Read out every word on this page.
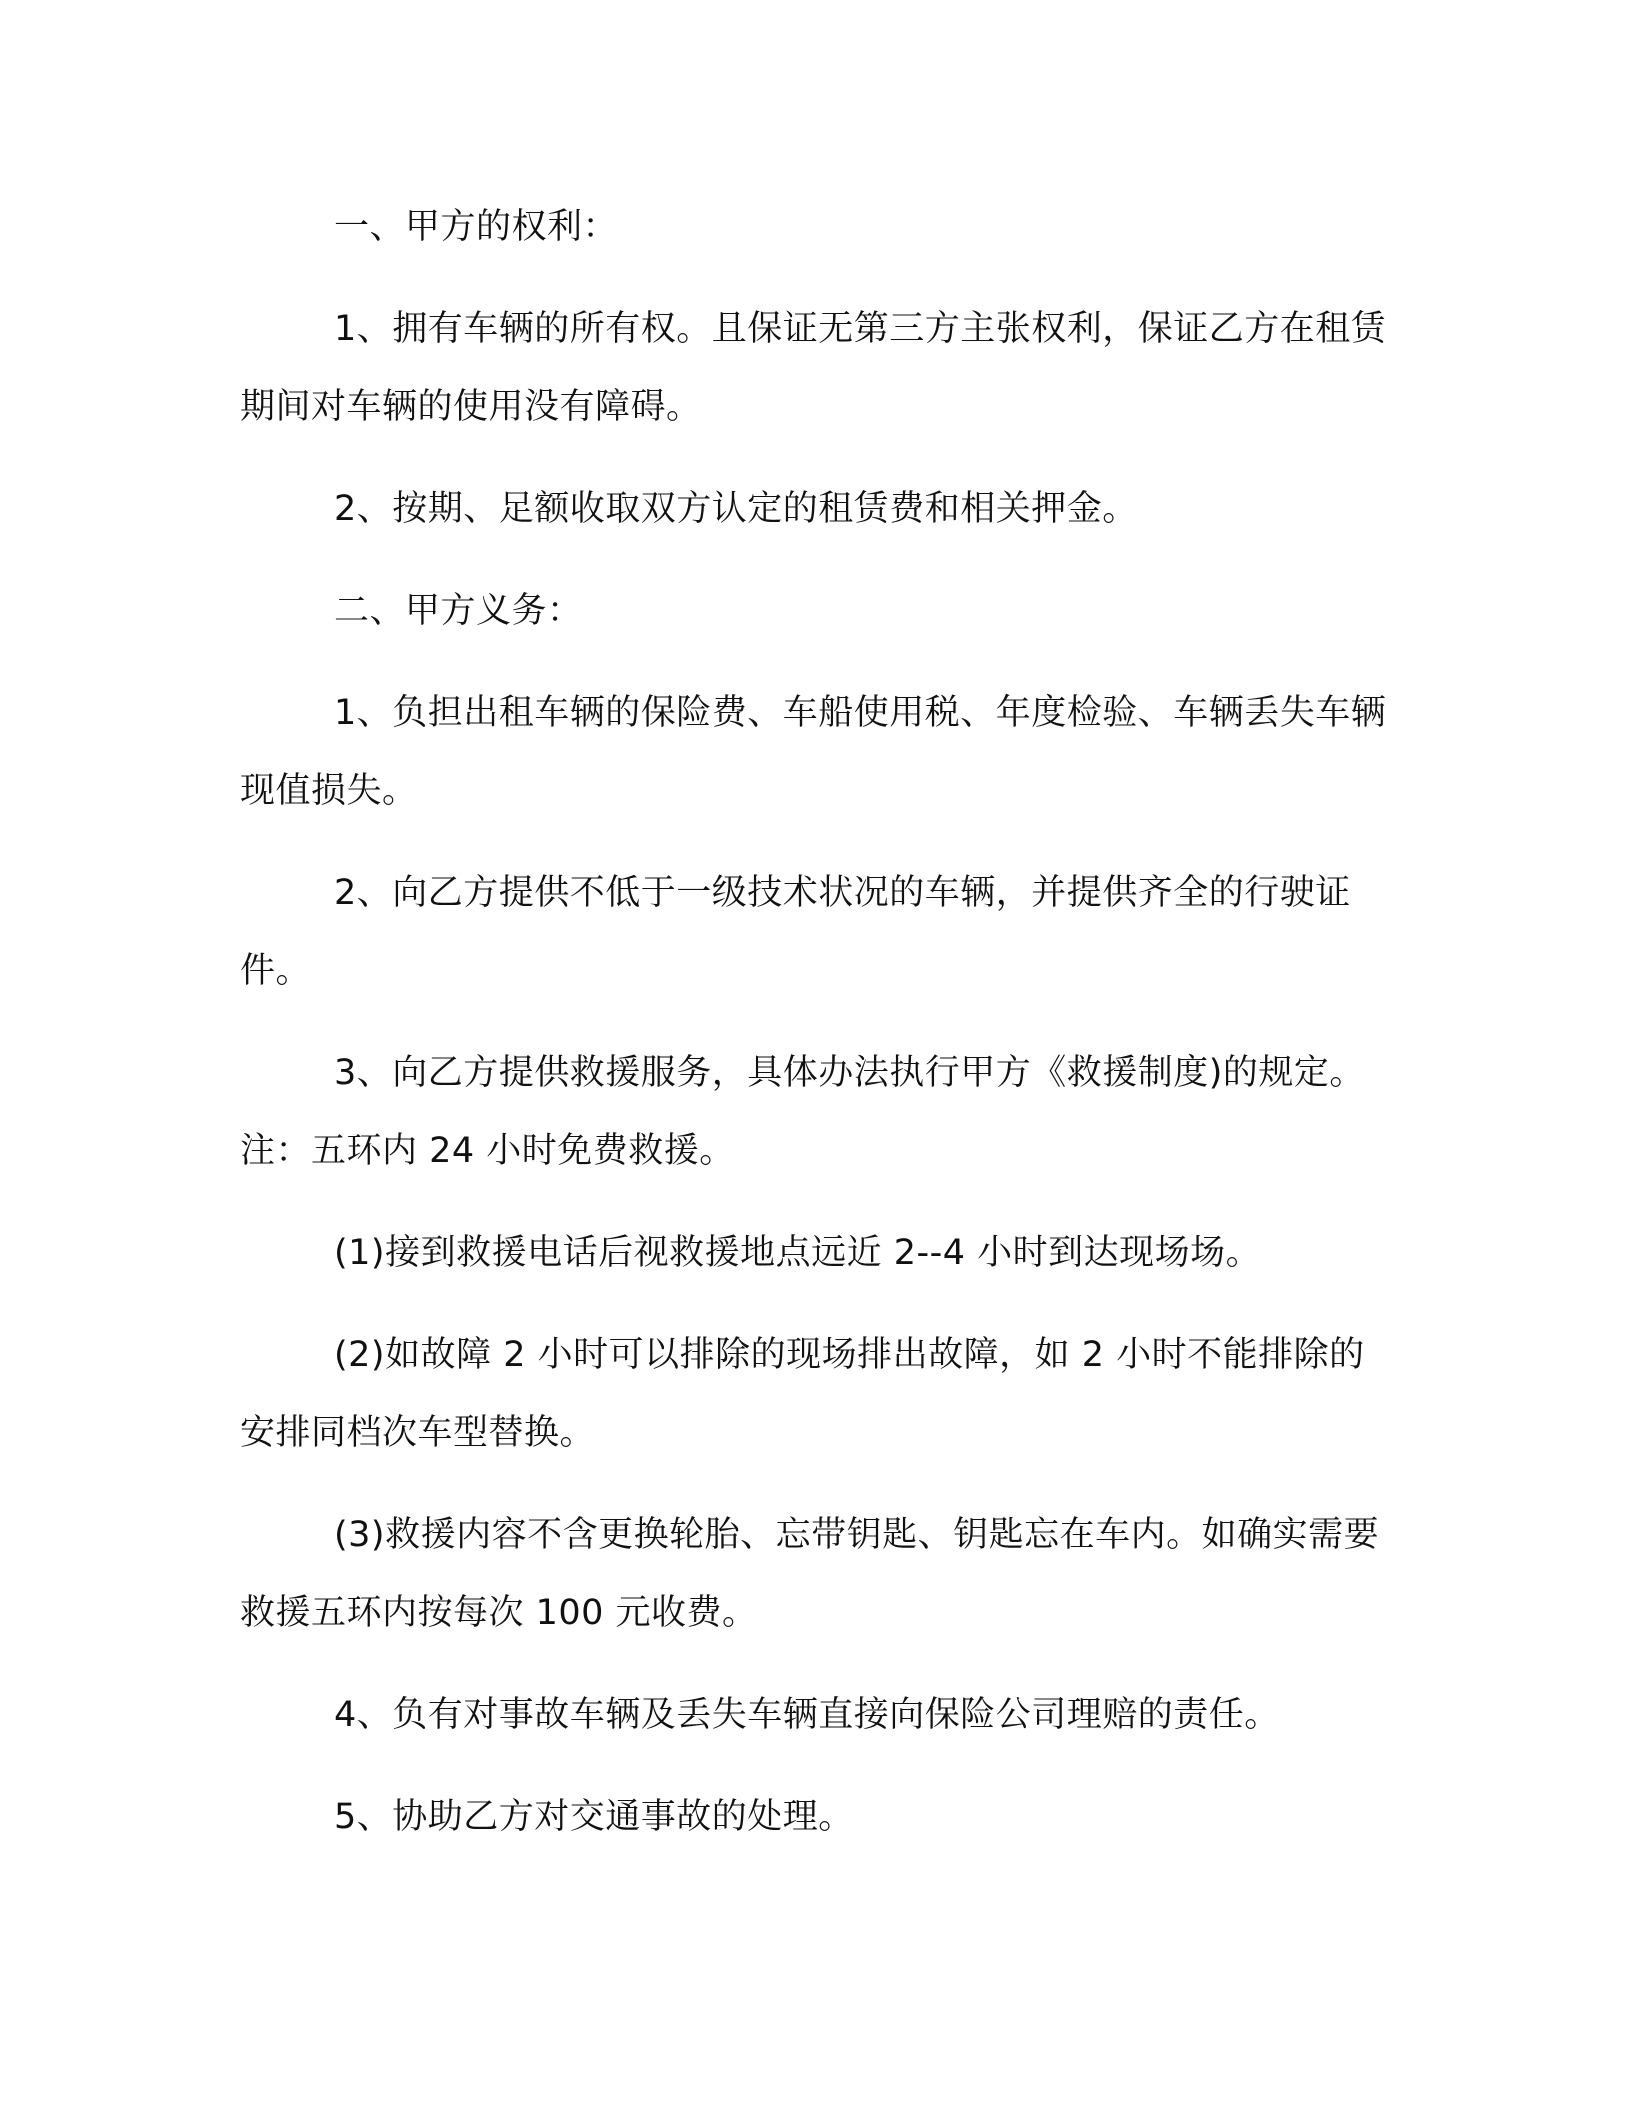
一、甲方的权利：

1、拥有车辆的所有权。且保证无第三方主张权利，保证乙方在租赁期间对车辆的使用没有障碍。

2、按期、足额收取双方认定的租赁费和相关押金。

二、甲方义务：

1、负担出租车辆的保险费、车船使用税、年度检验、车辆丢失车辆现值损失。

2、向乙方提供不低于一级技术状况的车辆，并提供齐全的行驶证件。

3、向乙方提供救援服务，具体办法执行甲方《救援制度)的规定。注：五环内 24 小时免费救援。

(1)接到救援电话后视救援地点远近 2--4 小时到达现场场。

(2)如故障 2 小时可以排除的现场排出故障，如 2 小时不能排除的安排同档次车型替换。

(3)救援内容不含更换轮胎、忘带钥匙、钥匙忘在车内。如确实需要救援五环内按每次 100 元收费。

4、负有对事故车辆及丢失车辆直接向保险公司理赔的责任。

5、协助乙方对交通事故的处理。
